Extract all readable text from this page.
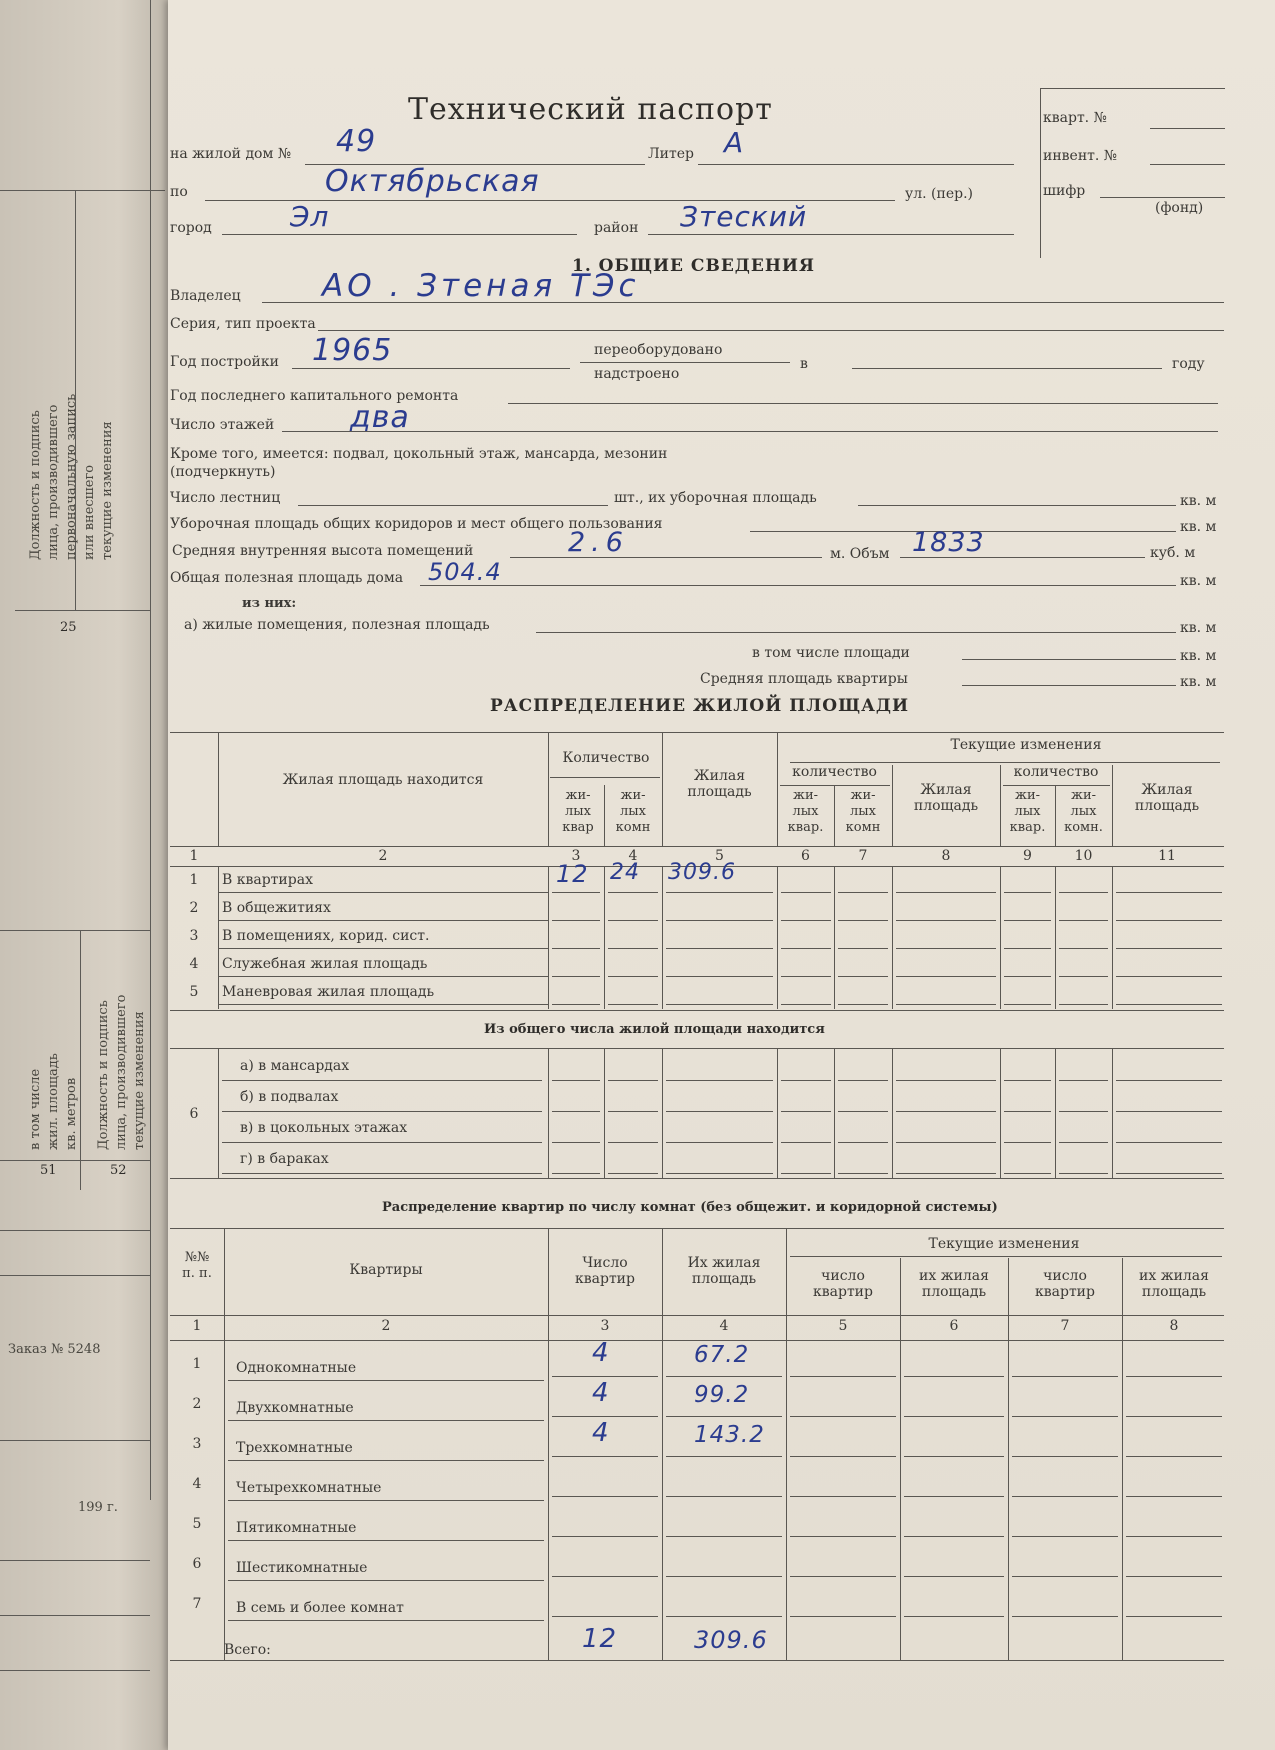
25
Должность и подпись лица, производившего первоначальную запись или внесшего текущие изменения
в том числе жил. площадь кв. метров Должность и подпись лица, производившего текущие изменения
51	52
Заказ № 5248
199 г.
Технический паспорт
на жилой дом № 49	Литер А
по	Октябрьская	ул. (пер.)
город	Эл	район Зтеский
кварт. №
инвент. №
шифр
(фонд)
1. ОБЩИЕ СВЕДЕНИЯ
Владелец	АО . Зтеная ТЭс
Серия, тип проекта
Год постройки 1965	переоборудовано
надстроено
в	году
Год последнего капитального ремонта
Число этажей	два
Кроме того, имеется: подвал, цокольный этаж, мансарда, мезонин
(подчеркнуть)
Число лестниц	шт., их уборочная площадь	кв. м
Уборочная площадь общих коридоров и мест общего пользования	кв. м
Средняя внутренняя высота помещений	2.6	м. Объм 1833	куб. м
Общая полезная площадь дома 504.4	кв. м
из них:
а) жилые помещения, полезная площадь	кв. м
в том числе площади	кв. м
Средняя площадь квартиры	кв. м
РАСПРЕДЕЛЕНИЕ ЖИЛОЙ ПЛОЩАДИ
Жилая площадь находится
Количество
жи-
лых
квар
жи-
лых
комн
Жилая
площадь
Текущие изменения
количество
жи-
лых
квар.
жи-
лых
комн
Жилая
площадь
количество
жи-
лых
квар.
жи-
лых
комн.
Жилая
площадь
1	2	3	4	5	6	7	8	9	10	11
1	В квартирах	12 24 309.6
2	В общежитиях
3	В помещениях, корид. сист.
4	Служебная жилая площадь
5	Маневровая жилая площадь
6
а) в мансардах
б) в подвалах
в) в цокольных этажах
г) в бараках
Из общего числа жилой площади находится
Распределение квартир по числу комнат (без общежит. и коридорной системы)
№№
п. п.	Квартиры	Число
квартир
Их жилая
площадь
Текущие изменения
число
квартир
их жилая
площадь
число
квартир
их жилая
площадь
1	2	3	4	5	6	7	8
1	Однокомнатные	4	67.2
2	Двухкомнатные	4	99.2
3	Трехкомнатные	4	143.2
4	Четырехкомнатные
5	Пятикомнатные
6	Шестикомнатные
7	В семь и более комнат
Всего:	12	309.6
